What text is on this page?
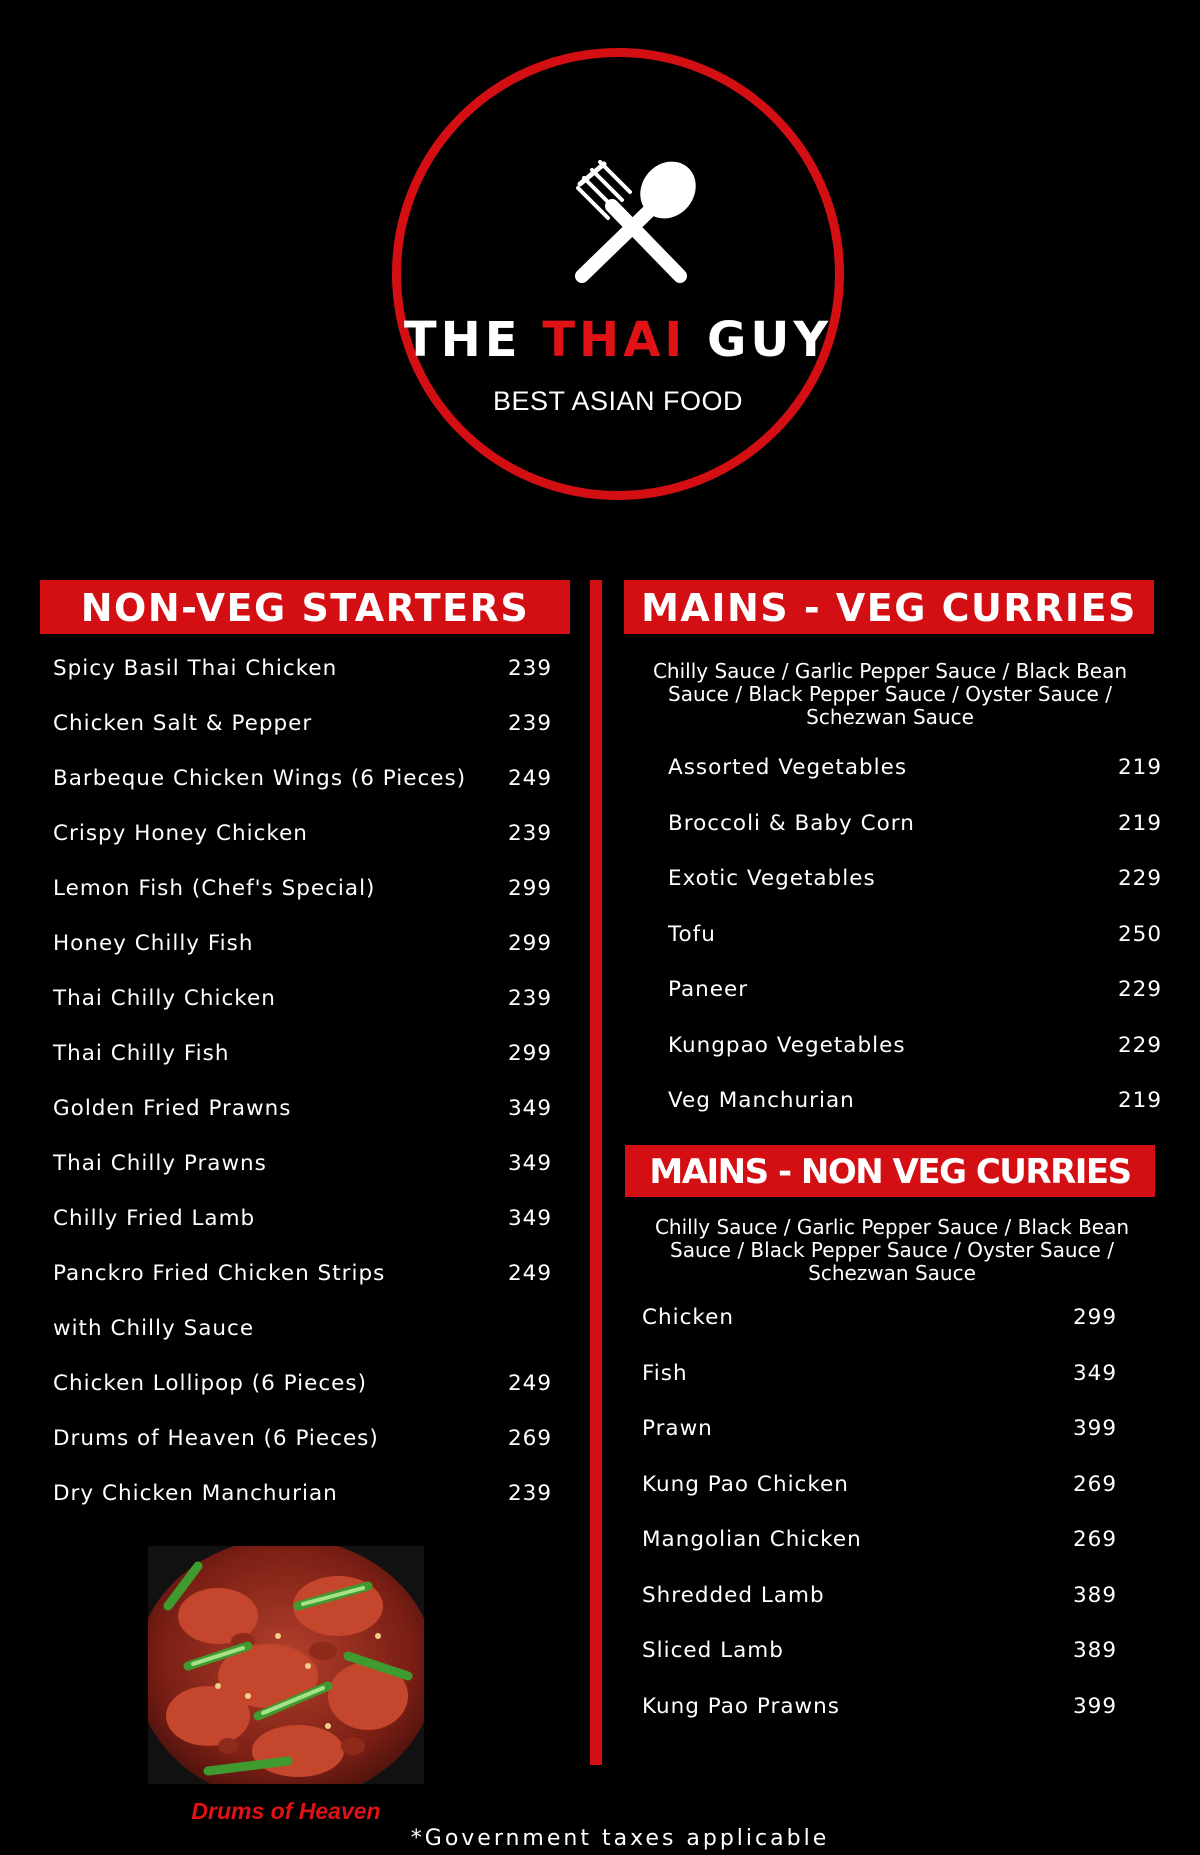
THE THAI GUY
BEST ASIAN FOOD
NON-VEG STARTERS
Spicy Basil Thai Chicken	239
Chicken Salt & Pepper	239
Barbeque Chicken Wings (6 Pieces) 249
Crispy Honey Chicken	239
Lemon Fish (Chef's Special)	299
Honey Chilly Fish	299
Thai Chilly Chicken	239
Thai Chilly Fish	299
Golden Fried Prawns	349
Thai Chilly Prawns	349
Chilly Fried Lamb	349
Panckro Fried Chicken Strips	249
with Chilly Sauce
Chicken Lollipop (6 Pieces)	249
Drums of Heaven (6 Pieces)	269
Dry Chicken Manchurian	239
Drums of Heaven
MAINS - VEG CURRIES
Chilly Sauce / Garlic Pepper Sauce / Black Bean Sauce / Black Pepper Sauce / Oyster Sauce / Schezwan Sauce
Assorted Vegetables	219
Broccoli & Baby Corn	219
Exotic Vegetables	229
Tofu	250
Paneer	229
Kungpao Vegetables	229
Veg Manchurian	219
MAINS - NON VEG CURRIES
Chilly Sauce / Garlic Pepper Sauce / Black Bean Sauce / Black Pepper Sauce / Oyster Sauce / Schezwan Sauce
Chicken	299
Fish	349
Prawn	399
Kung Pao Chicken	269
Mangolian Chicken	269
Shredded Lamb	389
Sliced Lamb	389
Kung Pao Prawns	399
*Government taxes applicable
